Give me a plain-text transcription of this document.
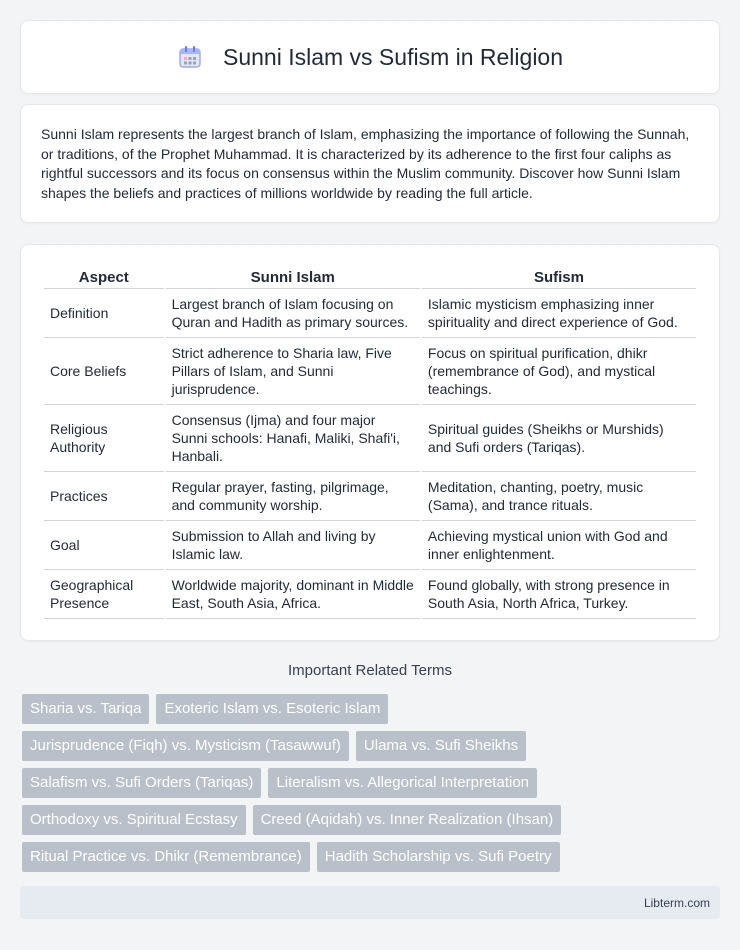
Sunni Islam vs Sufism in Religion

Sunni Islam represents the largest branch of Islam, emphasizing the importance of following the Sunnah, or traditions, of the Prophet Muhammad. It is characterized by its adherence to the first four caliphs as rightful successors and its focus on consensus within the Muslim community. Discover how Sunni Islam shapes the beliefs and practices of millions worldwide by reading the full article.

Aspect	Sunni Islam	Sufism
Definition	Largest branch of Islam focusing on Quran and Hadith as primary sources.	Islamic mysticism emphasizing inner spirituality and direct experience of God.
Core Beliefs	Strict adherence to Sharia law, Five Pillars of Islam, and Sunni jurisprudence.	Focus on spiritual purification, dhikr (remembrance of God), and mystical teachings.
Religious Authority	Consensus (Ijma) and four major Sunni schools: Hanafi, Maliki, Shafi'i, Hanbali.	Spiritual guides (Sheikhs or Murshids) and Sufi orders (Tariqas).
Practices	Regular prayer, fasting, pilgrimage, and community worship.	Meditation, chanting, poetry, music (Sama), and trance rituals.
Goal	Submission to Allah and living by Islamic law.	Achieving mystical union with God and inner enlightenment.
Geographical Presence	Worldwide majority, dominant in Middle East, South Asia, Africa.	Found globally, with strong presence in South Asia, North Africa, Turkey.
Important Related Terms
Sharia vs. Tariqa	Exoteric Islam vs. Esoteric Islam
Jurisprudence (Fiqh) vs. Mysticism (Tasawwuf)	Ulama vs. Sufi Sheikhs
Salafism vs. Sufi Orders (Tariqas)	Literalism vs. Allegorical Interpretation
Orthodoxy vs. Spiritual Ecstasy	Creed (Aqidah) vs. Inner Realization (Ihsan)
Ritual Practice vs. Dhikr (Remembrance)	Hadith Scholarship vs. Sufi Poetry
Libterm.com
